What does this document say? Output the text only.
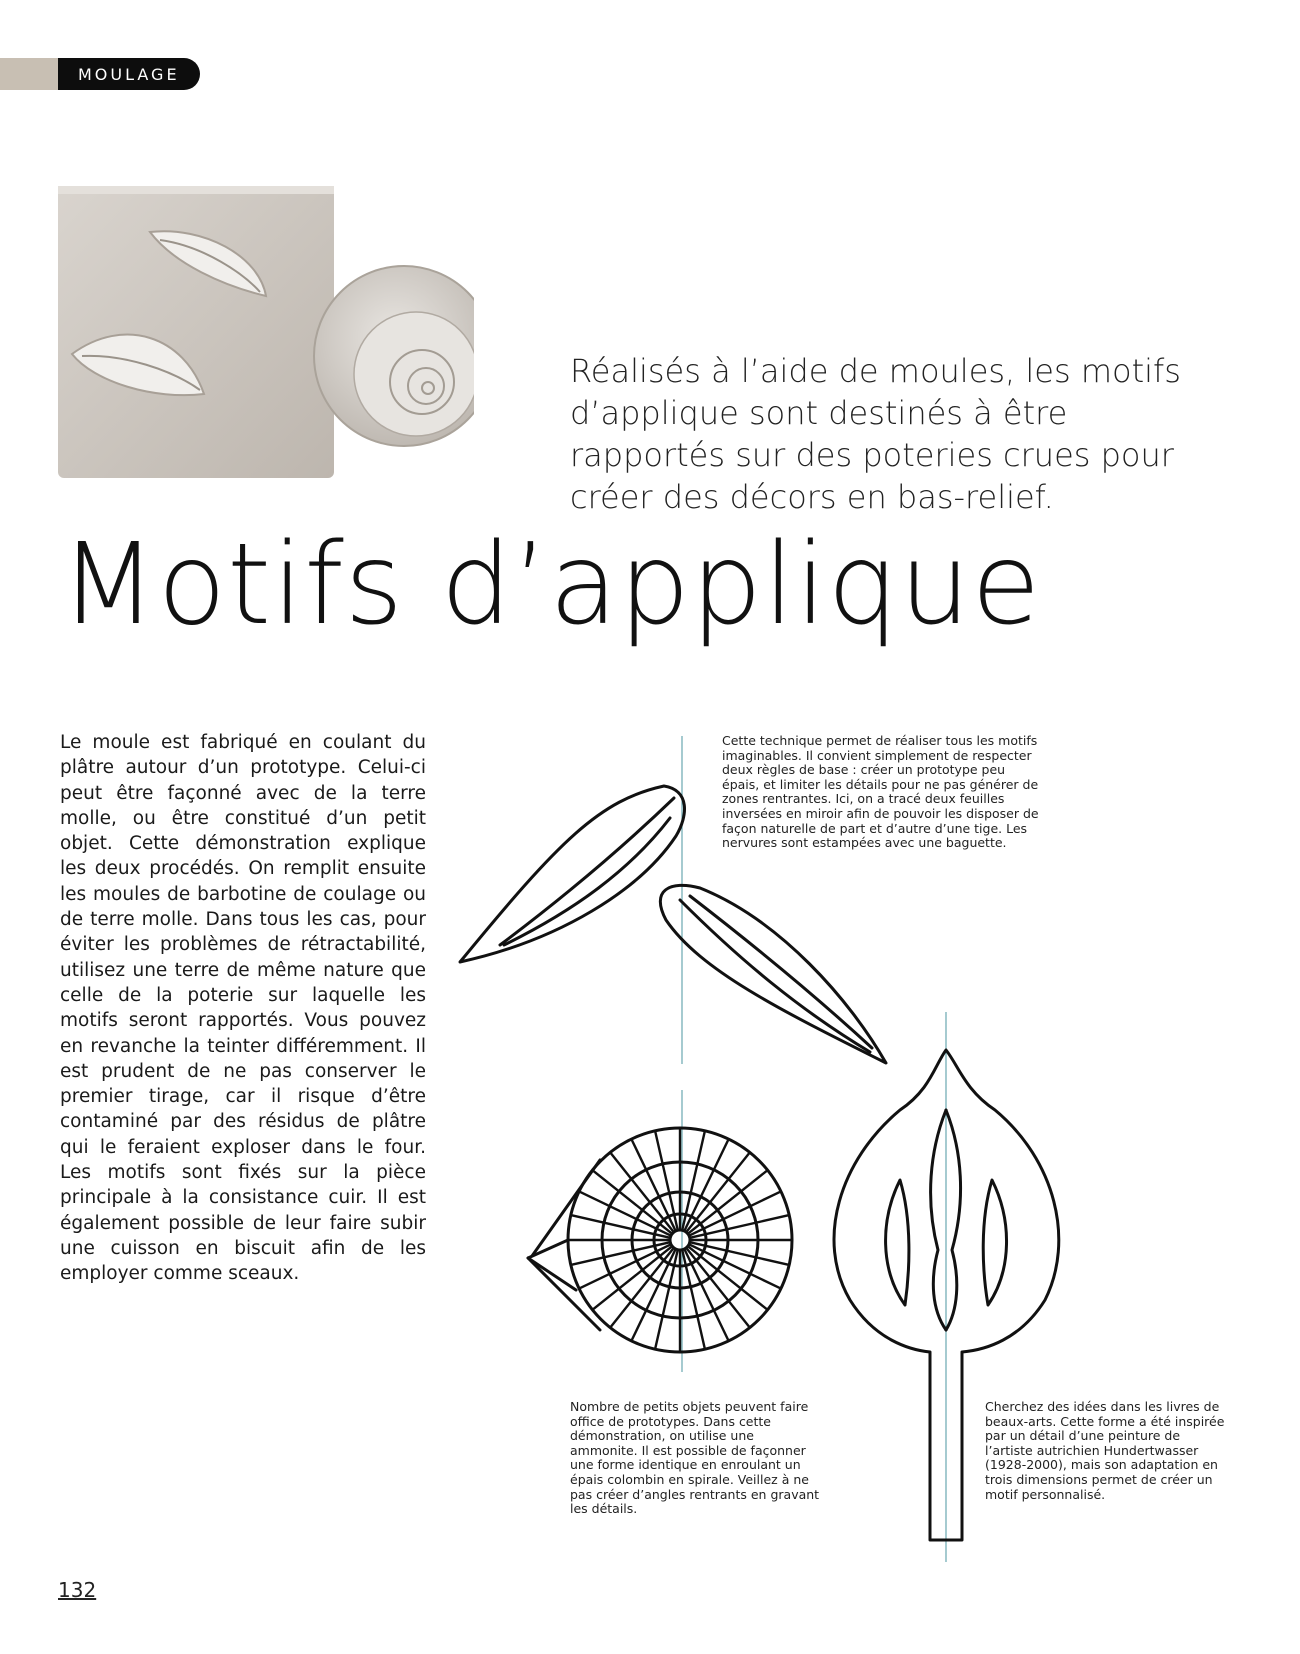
MOULAGE

Réalisés à l’aide de moules, les motifs d’applique sont destinés à être rapportés sur des poteries crues pour créer des décors en bas-relief.

Motifs d’applique

Le moule est fabriqué en coulant du plâtre autour d’un prototype. Celui-ci peut être façonné avec de la terre molle, ou être constitué d’un petit objet. Cette démonstration explique les deux procédés. On remplit ensuite les moules de barbotine de coulage ou de terre molle. Dans tous les cas, pour éviter les problèmes de rétractabilité, utilisez une terre de même nature que celle de la poterie sur laquelle les motifs seront rapportés. Vous pouvez en revanche la teinter différemment. Il est prudent de ne pas conserver le premier tirage, car il risque d’être contaminé par des résidus de plâtre qui le feraient exploser dans le four. Les motifs sont fixés sur la pièce principale à la consistance cuir. Il est également possible de leur faire subir une cuisson en biscuit afin de les employer comme sceaux.

Cette technique permet de réaliser tous les motifs imaginables. Il convient simplement de respecter deux règles de base : créer un prototype peu épais, et limiter les détails pour ne pas générer de zones rentrantes. Ici, on a tracé deux feuilles inversées en miroir afin de pouvoir les disposer de façon naturelle de part et d’autre d’une tige. Les nervures sont estampées avec une baguette.

Nombre de petits objets peuvent faire office de prototypes. Dans cette démonstration, on utilise une ammonite. Il est possible de façonner une forme identique en enroulant un épais colombin en spirale. Veillez à ne pas créer d’angles rentrants en gravant les détails.

Cherchez des idées dans les livres de beaux-arts. Cette forme a été inspirée par un détail d’une peinture de l’artiste autrichien Hundertwasser (1928-2000), mais son adaptation en trois dimensions permet de créer un motif personnalisé.

132
